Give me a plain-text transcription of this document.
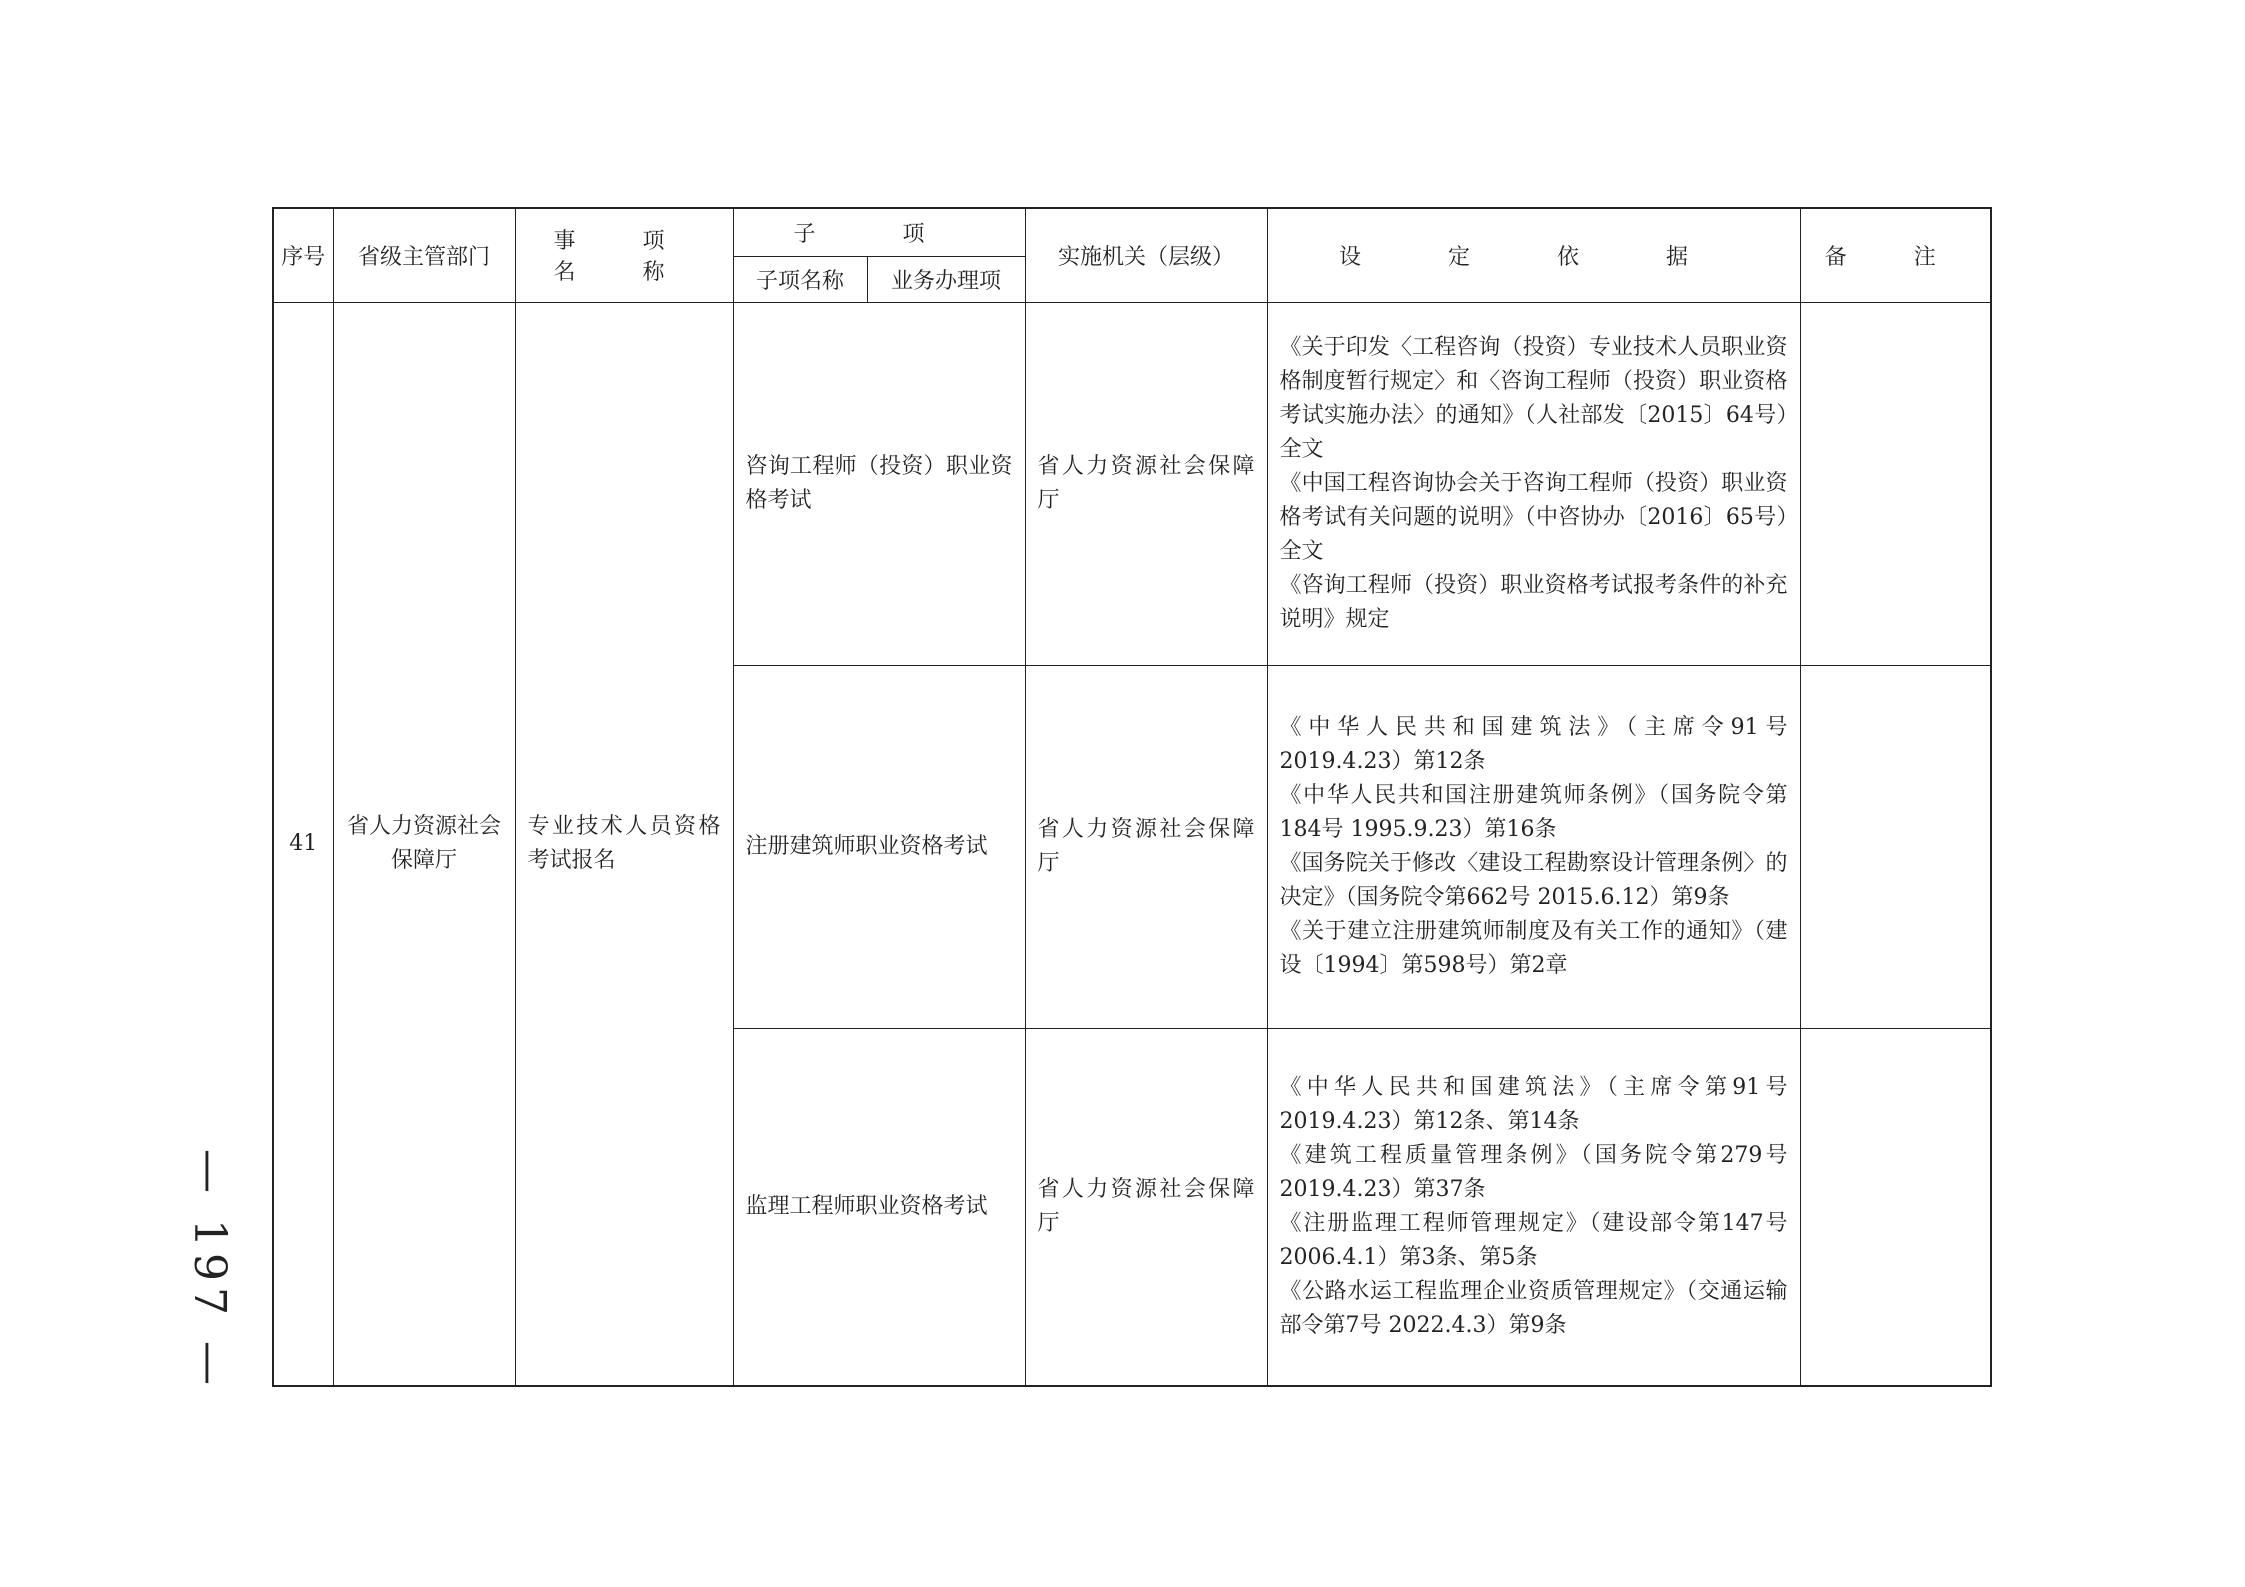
— 197 —
序号	省级主管部门	事 项 名 称	子 项		实施机关（层级）	设 定 依 据	备 注
			子项名称	业务办理项			
41	省人力资源社会保障厅	专业技术人员资格考试报名	咨询工程师（投资）职业资格考试		省人力资源社会保障厅	《关于印发〈工程咨询（投资）专业技术人员职业资格制度暂行规定〉和〈咨询工程师（投资）职业资格考试实施办法〉的通知》（人社部发〔2015〕64号）全文
《中国工程咨询协会关于咨询工程师（投资）职业资格考试有关问题的说明》（中咨协办〔2016〕65号）全文
《咨询工程师（投资）职业资格考试报考条件的补充说明》规定	

			注册建筑师职业资格考试		省人力资源社会保障厅	《中华人民共和国建筑法》（主席令91号 2019.4.23）第12条
《中华人民共和国注册建筑师条例》（国务院令第184号 1995.9.23）第16条
《国务院关于修改〈建设工程勘察设计管理条例〉的决定》（国务院令第662号 2015.6.12）第9条
《关于建立注册建筑师制度及有关工作的通知》（建设〔1994〕第598号）第2章	

			监理工程师职业资格考试		省人力资源社会保障厅	《中华人民共和国建筑法》（主席令第91号 2019.4.23）第12条、第14条
《建筑工程质量管理条例》（国务院令第279号 2019.4.23）第37条
《注册监理工程师管理规定》（建设部令第147号 2006.4.1）第3条、第5条
《公路水运工程监理企业资质管理规定》（交通运输部令第7号 2022.4.3）第9条	
